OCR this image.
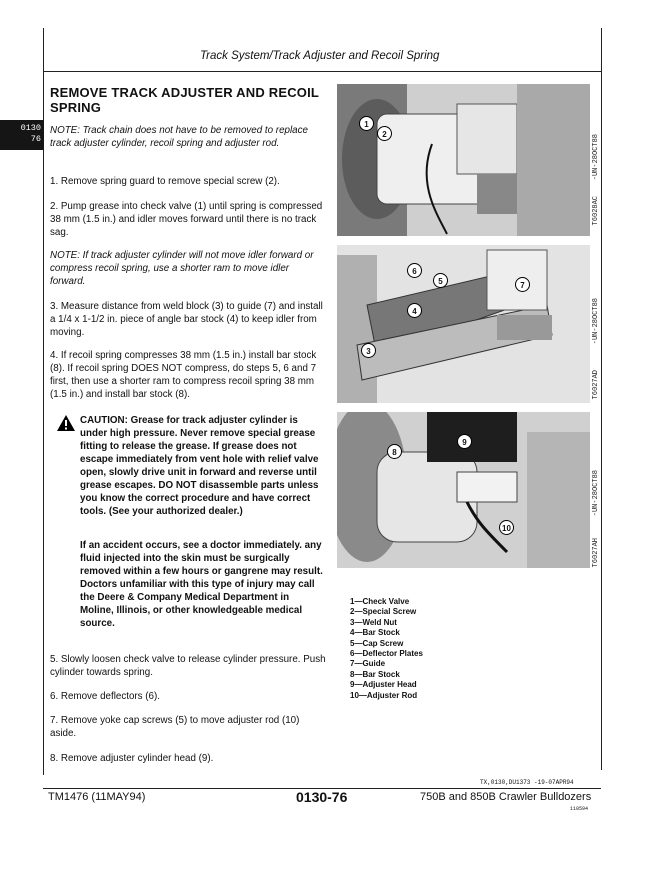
Track System/Track Adjuster and Recoil Spring
0130
76
REMOVE TRACK ADJUSTER AND RECOIL SPRING

NOTE: Track chain does not have to be removed to replace track adjuster cylinder, recoil spring and adjuster rod.

1. Remove spring guard to remove special screw (2).

2. Pump grease into check valve (1) until spring is compressed 38 mm (1.5 in.) and idler moves forward until there is no track sag.

NOTE: If track adjuster cylinder will not move idler forward or compress recoil spring, use a shorter ram to move idler forward.

3. Measure distance from weld block (3) to guide (7) and install a 1/4 x 1-1/2 in. piece of angle bar stock (4) to keep idler from moving.

4. If recoil spring compresses 38 mm (1.5 in.) install bar stock (8). If recoil spring DOES NOT compress, do steps 5, 6 and 7 first, then use a shorter ram to compress recoil spring 38 mm (1.5 in.) and install bar stock (8).

CAUTION: Grease for track adjuster cylinder is under high pressure. Never remove special grease fitting to release the grease. If grease does not escape immediately from vent hole with relief valve open, slowly drive unit in forward and reverse until grease escapes. DO NOT disassemble parts unless you know the correct procedure and have correct tools. (See your authorized dealer.)

If an accident occurs, see a doctor immediately. any fluid injected into the skin must be surgically removed within a few hours or gangrene may result. Doctors unfamiliar with this type of injury may call the Deere & Company Medical Department in Moline, Illinois, or other knowledgeable medical source.

5. Slowly loosen check valve to release cylinder pressure. Push cylinder towards spring.

6. Remove deflectors (6).

7. Remove yoke cap screws (5) to move adjuster rod (10) aside.

8. Remove adjuster cylinder head (9).

1
2
T6028AC
-UN-28OCT88
6
5
4
7
3
T6027AD
-UN-28OCT88
9
8
10
T6027AH
-UN-28OCT88
1—Check Valve
2—Special Screw
3—Weld Nut
4—Bar Stock
5—Cap Screw
6—Deflector Plates
7—Guide
8—Bar Stock
9—Adjuster Head
10—Adjuster Rod
TX,0130,DU1373 -19-07APR94
TM1476 (11MAY94)	0130-76	750B and 850B Crawler Bulldozers
110594
